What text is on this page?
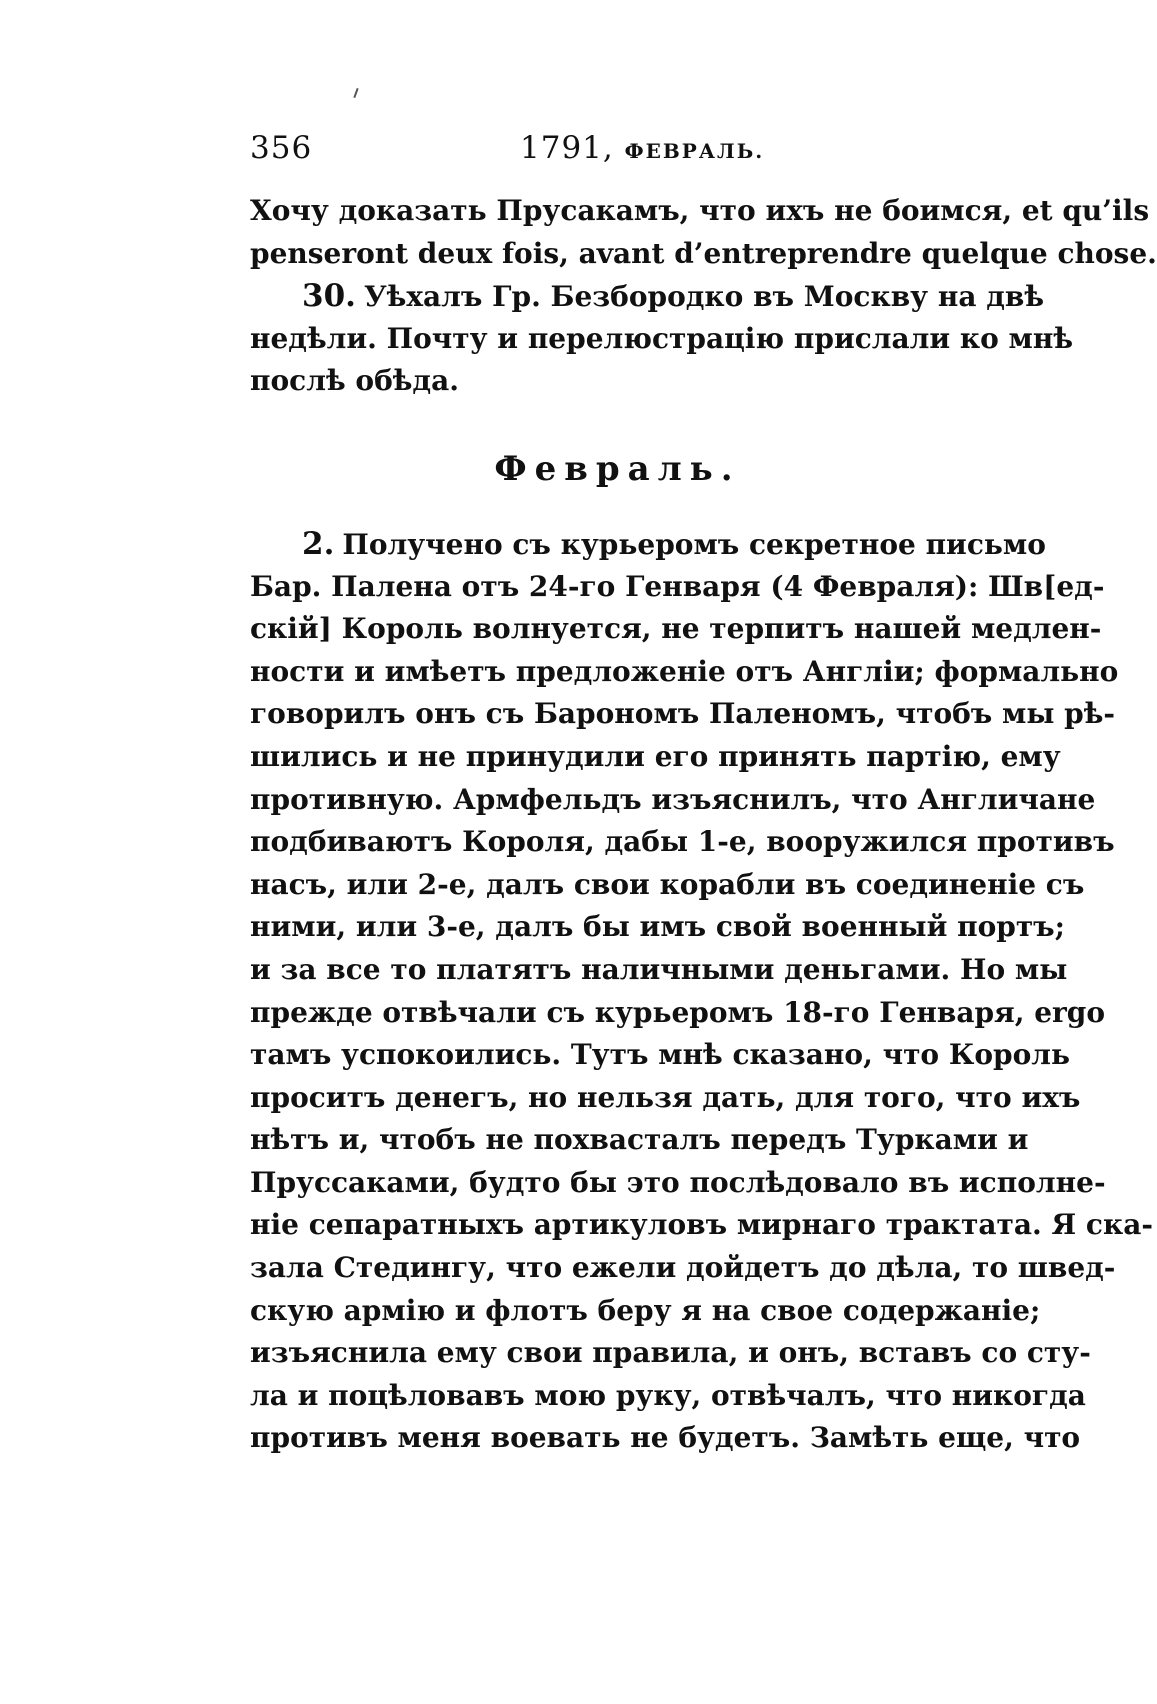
356	1791, ФЕВРАЛЬ.
Хочу доказать Прусакамъ, что ихъ не боимся, et qu’ils
penseront deux fois, avant d’entreprendre quelque chose.
30. Уѣхалъ Гр. Безбородко въ Москву на двѣ
недѣли. Почту и перелюстрацію прислали ко мнѣ
послѣ обѣда.
Февраль.
2. Получено съ курьеромъ секретное письмо
Бар. Палена отъ 24-го Генваря (4 Февраля): Шв[ед-
скій] Король волнуется, не терпитъ нашей медлен-
ности и имѣетъ предложеніе отъ Англіи; формально
говорилъ онъ съ Барономъ Паленомъ, чтобъ мы рѣ-
шились и не принудили его принять партію, ему
противную. Армфельдъ изъяснилъ, что Англичане
подбиваютъ Короля, дабы 1-е, вооружился противъ
насъ, или 2-е, далъ свои корабли въ соединеніе съ
ними, или 3-е, далъ бы имъ свой военный портъ;
и за все то платятъ наличными деньгами. Но мы
прежде отвѣчали съ курьеромъ 18-го Генваря, ergo
тамъ успокоились. Тутъ мнѣ сказано, что Король
проситъ денегъ, но нельзя дать, для того, что ихъ
нѣтъ и, чтобъ не похвасталъ передъ Турками и
Пруссаками, будто бы это послѣдовало въ исполне-
ніе сепаратныхъ артикуловъ мирнаго трактата. Я ска-
зала Стедингу, что ежели дойдетъ до дѣла, то швед-
скую армію и флотъ беру я на свое содержаніе;
изъяснила ему свои правила, и онъ, вставъ со сту-
ла и поцѣловавъ мою руку, отвѣчалъ, что никогда
противъ меня воевать не будетъ. Замѣть еще, что
